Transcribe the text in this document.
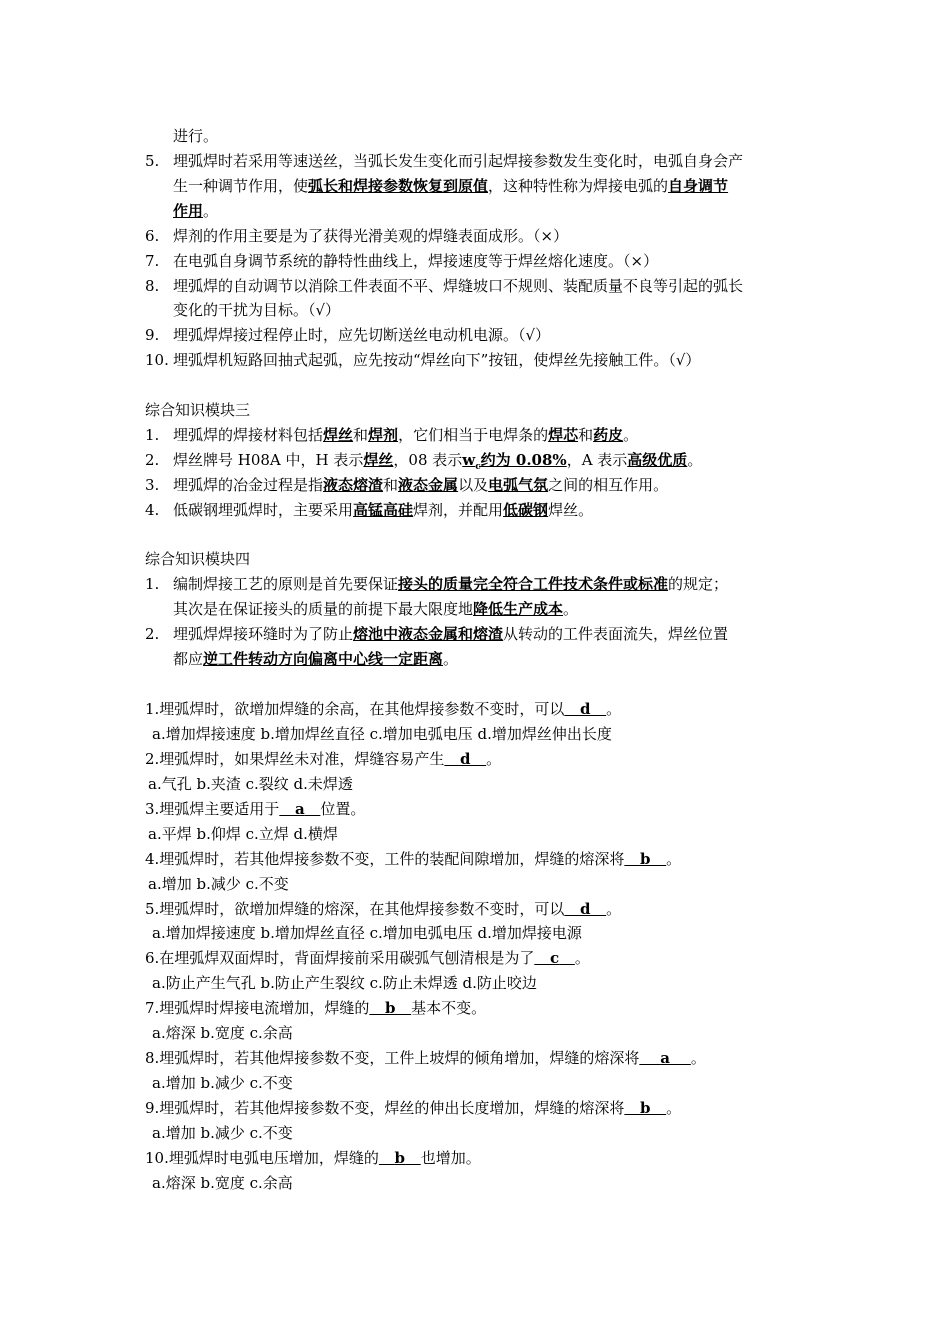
进行。
5. 埋弧焊时若采用等速送丝，当弧长发生变化而引起焊接参数发生变化时，电弧自身会产
生一种调节作用，使弧长和焊接参数恢复到原值，这种特性称为焊接电弧的自身调节
作用。
6. 焊剂的作用主要是为了获得光滑美观的焊缝表面成形。（×）
7. 在电弧自身调节系统的静特性曲线上，焊接速度等于焊丝熔化速度。（×）
8. 埋弧焊的自动调节以消除工件表面不平、焊缝坡口不规则、装配质量不良等引起的弧长
变化的干扰为目标。（√）
9. 埋弧焊焊接过程停止时，应先切断送丝电动机电源。（√）
10. 埋弧焊机短路回抽式起弧，应先按动“焊丝向下”按钮，使焊丝先接触工件。（√）
综合知识模块三
1. 埋弧焊的焊接材料包括焊丝和焊剂，它们相当于电焊条的焊芯和药皮。
2. 焊丝牌号 H08A 中，H 表示焊丝，08 表示$w_c$约为 0.08%，A 表示高级优质。
3. 埋弧焊的冶金过程是指液态熔渣和液态金属以及电弧气氛之间的相互作用。
4. 低碳钢埋弧焊时，主要采用高锰高硅焊剂，并配用低碳钢焊丝。
综合知识模块四
1. 编制焊接工艺的原则是首先要保证接头的质量完全符合工件技术条件或标准的规定；
其次是在保证接头的质量的前提下最大限度地降低生产成本。
2. 埋弧焊焊接环缝时为了防止熔池中液态金属和熔渣从转动的工件表面流失，焊丝位置
都应逆工件转动方向偏离中心线一定距离。
1.埋弧焊时，欲增加焊缝的余高，在其他焊接参数不变时，可以 d 。
a.增加焊接速度 b.增加焊丝直径 c.增加电弧电压 d.增加焊丝伸出长度
2.埋弧焊时，如果焊丝未对准，焊缝容易产生 d 。
a.气孔 b.夹渣 c.裂纹 d.未焊透
3.埋弧焊主要适用于 a 位置。
a.平焊 b.仰焊 c.立焊 d.横焊
4.埋弧焊时，若其他焊接参数不变，工件的装配间隙增加，焊缝的熔深将 b 。
a.增加 b.减少 c.不变
5.埋弧焊时，欲增加焊缝的熔深，在其他焊接参数不变时，可以 d 。
a.增加焊接速度 b.增加焊丝直径 c.增加电弧电压 d.增加焊接电源
6.在埋弧焊双面焊时，背面焊接前采用碳弧气刨清根是为了 c 。
a.防止产生气孔 b.防止产生裂纹 c.防止未焊透 d.防止咬边
7.埋弧焊时焊接电流增加，焊缝的 b 基本不变。
a.熔深 b.宽度 c.余高
8.埋弧焊时，若其他焊接参数不变，工件上坡焊的倾角增加，焊缝的熔深将 a 。
a.增加 b.减少 c.不变
9.埋弧焊时，若其他焊接参数不变，焊丝的伸出长度增加，焊缝的熔深将 b 。
a.增加 b.减少 c.不变
10.埋弧焊时电弧电压增加，焊缝的 b 也增加。
a.熔深 b.宽度 c.余高
